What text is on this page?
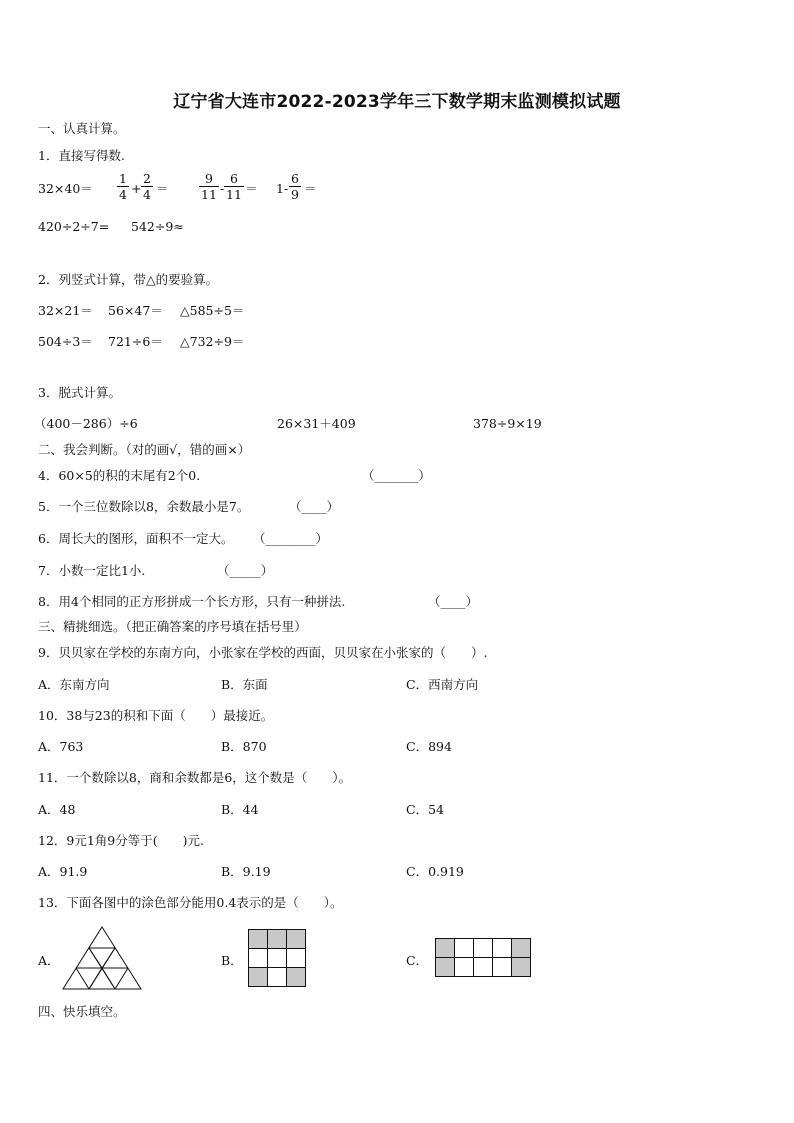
辽宁省大连市2022-2023学年三下数学期末监测模拟试题
一、认真计算。
1．直接写得数.
32×40＝
1
4 +
2
4 ＝
9
11 -
6
11 ＝ 1-
6
9 ＝
420÷2÷7= 542÷9≈
2．列竖式计算，带△的要验算。
32×21＝ 56×47＝ △585÷5＝
504÷3＝ 721÷6＝ △732÷9＝
3．脱式计算。
（400－286）÷6	26×31＋409	378÷9×19
二、我会判断。（对的画√，错的画×）
4．60×5的积的末尾有2个0.	（_______）
5．一个三位数除以8，余数最小是7。	（____）
6．周长大的图形，面积不一定大。 （________）
7．小数一定比1小.	（_____）
8．用4个相同的正方形拼成一个长方形，只有一种拼法.	（____）
三、精挑细选。（把正确答案的序号填在括号里）
9．贝贝家在学校的东南方向，小张家在学校的西面，贝贝家在小张家的（　　）.
A．东南方向	B．东面	C．西南方向
10．38与23的积和下面（　　）最接近。
A．763	B．870	C．894
11．一个数除以8，商和余数都是6，这个数是（　　）。
A．48	B．44	C．54
12．9元1角9分等于(　　)元.
A．91.9	B．9.19	C．0.919
13．下面各图中的涂色部分能用0.4表示的是（　　）。
A．	B．	C．
四、快乐填空。
